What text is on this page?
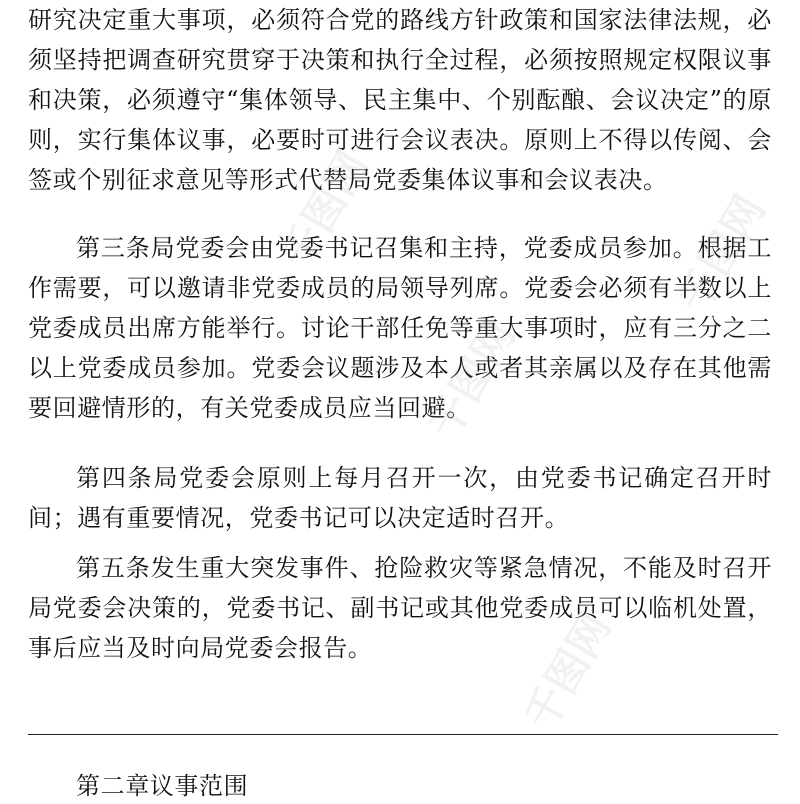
研究决定重大事项，必须符合党的路线方针政策和国家法律法规，必须坚持把调查研究贯穿于决策和执行全过程，必须按照规定权限议事和决策，必须遵守“集体领导、民主集中、个别酝酿、会议决定”的原则，实行集体议事，必要时可进行会议表决。原则上不得以传阅、会签或个别征求意见等形式代替局党委集体议事和会议表决。

第三条局党委会由党委书记召集和主持，党委成员参加。根据工作需要，可以邀请非党委成员的局领导列席。党委会必须有半数以上党委成员出席方能举行。讨论干部任免等重大事项时，应有三分之二以上党委成员参加。党委会议题涉及本人或者其亲属以及存在其他需要回避情形的，有关党委成员应当回避。

第四条局党委会原则上每月召开一次，由党委书记确定召开时间；遇有重要情况，党委书记可以决定适时召开。

第五条发生重大突发事件、抢险救灾等紧急情况，不能及时召开局党委会决策的，党委书记、副书记或其他党委成员可以临机处置，事后应当及时向局党委会报告。

第二章议事范围

千图网
千图网
千图网
千图网
